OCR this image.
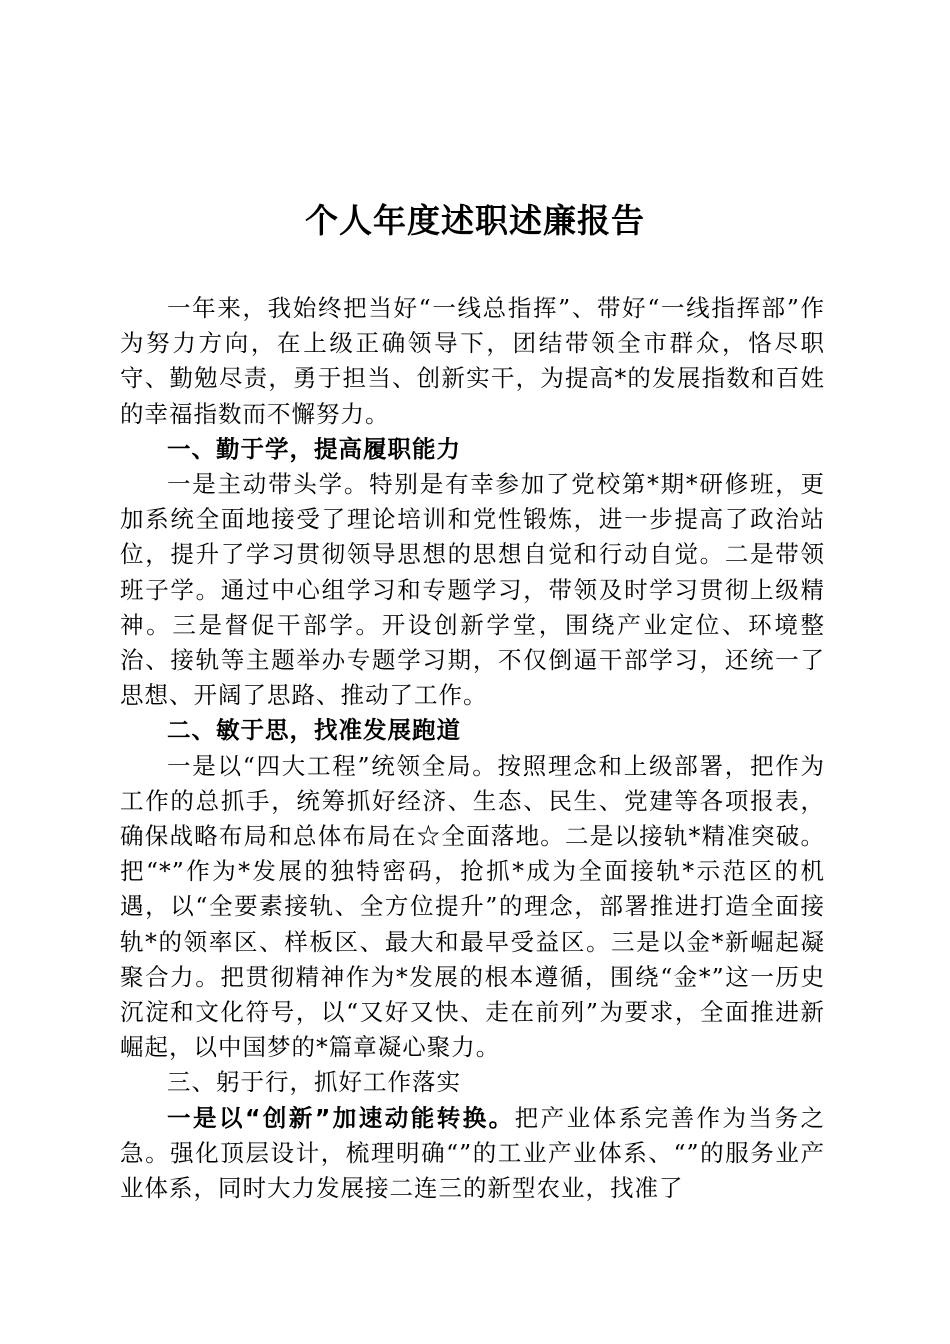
个人年度述职述廉报告

一年来，我始终把当好“一线总指挥”、带好“一线指挥部”作为努力方向，在上级正确领导下，团结带领全市群众，恪尽职守、勤勉尽责，勇于担当、创新实干，为提高*的发展指数和百姓的幸福指数而不懈努力。

一、勤于学，提高履职能力

一是主动带头学。特别是有幸参加了党校第*期*研修班，更加系统全面地接受了理论培训和党性锻炼，进一步提高了政治站位，提升了学习贯彻领导思想的思想自觉和行动自觉。二是带领班子学。通过中心组学习和专题学习，带领及时学习贯彻上级精神。三是督促干部学。开设创新学堂，围绕产业定位、环境整治、接轨等主题举办专题学习期，不仅倒逼干部学习，还统一了思想、开阔了思路、推动了工作。

二、敏于思，找准发展跑道

一是以“四大工程”统领全局。按照理念和上级部署，把作为工作的总抓手，统筹抓好经济、生态、民生、党建等各项报表，确保战略布局和总体布局在☆全面落地。二是以接轨*精准突破。把“*”作为*发展的独特密码，抢抓*成为全面接轨*示范区的机遇，以“全要素接轨、全方位提升”的理念，部署推进打造全面接轨*的领率区、样板区、最大和最早受益区。三是以金*新崛起凝聚合力。把贯彻精神作为*发展的根本遵循，围绕“金*”这一历史沉淀和文化符号，以“又好又快、走在前列”为要求，全面推进新崛起，以中国梦的*篇章凝心聚力。

三、躬于行，抓好工作落实

一是以“创新”加速动能转换。把产业体系完善作为当务之急。强化顶层设计，梳理明确“”的工业产业体系、“”的服务业产业体系，同时大力发展接二连三的新型农业，找准了
